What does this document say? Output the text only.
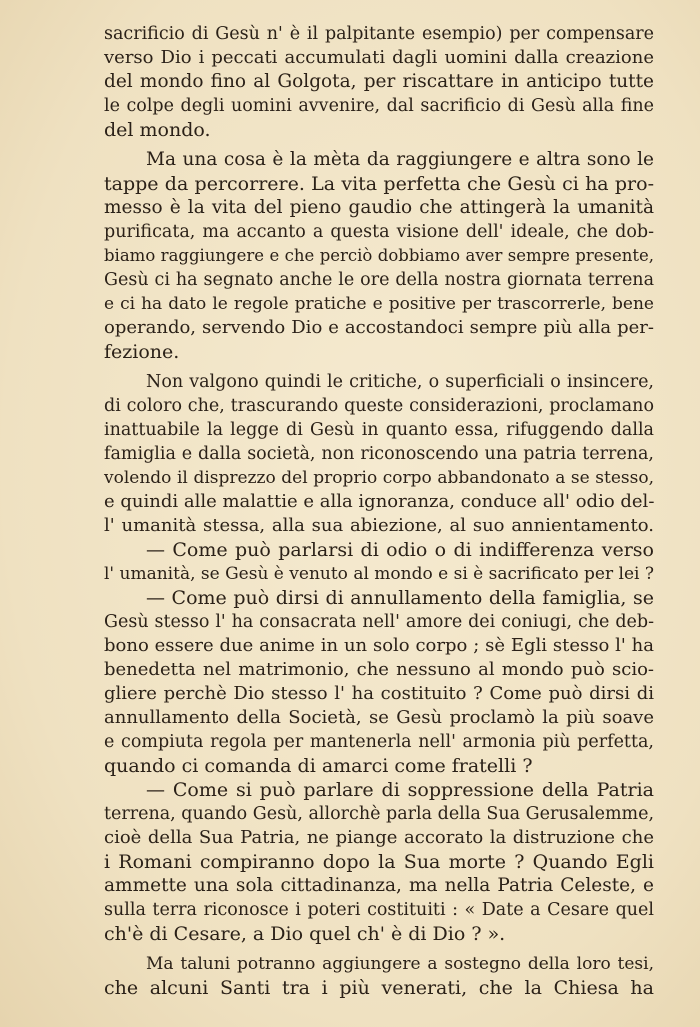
sacrificio di Gesù n' è il palpitante esempio) per compensare
verso Dio i peccati accumulati dagli uomini dalla creazione
del mondo fino al Golgota, per riscattare in anticipo tutte
le colpe degli uomini avvenire, dal sacrificio di Gesù alla fine
del mondo.
Ma una cosa è la mèta da raggiungere e altra sono le
tappe da percorrere. La vita perfetta che Gesù ci ha pro-
messo è la vita del pieno gaudio che attingerà la umanità
purificata, ma accanto a questa visione dell' ideale, che dob-
biamo raggiungere e che perciò dobbiamo aver sempre presente,
Gesù ci ha segnato anche le ore della nostra giornata terrena
e ci ha dato le regole pratiche e positive per trascorrerle, bene
operando, servendo Dio e accostandoci sempre più alla per-
fezione.
Non valgono quindi le critiche, o superficiali o insincere,
di coloro che, trascurando queste considerazioni, proclamano
inattuabile la legge di Gesù in quanto essa, rifuggendo dalla
famiglia e dalla società, non riconoscendo una patria terrena,
volendo il disprezzo del proprio corpo abbandonato a se stesso,
e quindi alle malattie e alla ignoranza, conduce all' odio del-
l' umanità stessa, alla sua abiezione, al suo annientamento.
— Come può parlarsi di odio o di indifferenza verso
l' umanità, se Gesù è venuto al mondo e si è sacrificato per lei ?
— Come può dirsi di annullamento della famiglia, se
Gesù stesso l' ha consacrata nell' amore dei coniugi, che deb-
bono essere due anime in un solo corpo ; sè Egli stesso l' ha
benedetta nel matrimonio, che nessuno al mondo può scio-
gliere perchè Dio stesso l' ha costituito ? Come può dirsi di
annullamento della Società, se Gesù proclamò la più soave
e compiuta regola per mantenerla nell' armonia più perfetta,
quando ci comanda di amarci come fratelli ?
— Come si può parlare di soppressione della Patria
terrena, quando Gesù, allorchè parla della Sua Gerusalemme,
cioè della Sua Patria, ne piange accorato la distruzione che
i Romani compiranno dopo la Sua morte ? Quando Egli
ammette una sola cittadinanza, ma nella Patria Celeste, e
sulla terra riconosce i poteri costituiti : « Date a Cesare quel
ch'è di Cesare, a Dio quel ch' è di Dio ? ».
Ma taluni potranno aggiungere a sostegno della loro tesi,
che alcuni Santi tra i più venerati, che la Chiesa ha
